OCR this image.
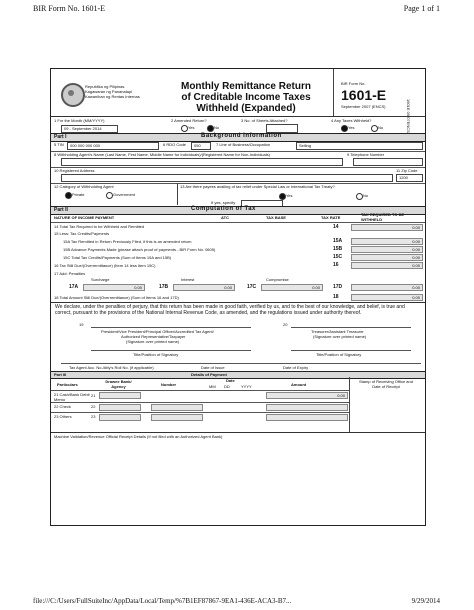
BIR Form No. 1601-E	Page 1 of 1
Republika ng Pilipinas
Kagawaran ng Pananalapi
Kawanihan ng Rentas Internas
Monthly Remittance Return
of Creditable Income Taxes
Withheld (Expanded)
BIR Form No.
1601-E
September 2007 (ENCS)	1601E 09/07ENCS
1 For the Month (MM/YYYY)
09 - September 2014
2 Amended Return?
Yes	No
3 No. of Sheets Attached?	4 Any Taxes Withheld?
Yes	No
Part I	Background Information
5 TIN 000 000 000 000	6 RDO Code 050	7 Line of Business/Occupation	Selling
8 Withholding Agent's Name (Last Name, First Name, Middle Name for Individuals)/(Registered Name for Non-Individuals)	9 Telephone Number
10 Registered Address	11 Zip Code
1200
12 Category of Withholding Agent
Private	Government
13 Are there payees availing of tax relief under Special Law or International Tax Treaty?
Yes	No
If yes, specify
Part II	Computation of Tax
NATURE OF INCOME PAYMENT	ATC	TAX BASE	TAX RATE
TAX REQUIRED TO BE WITHHELD
14 Total Tax Required to be Withheld and Remitted	14	0.00
15 Less: Tax Credits/Payments
15A Tax Remitted in Return Previously Filed, if this is an amended return	15A	0.00
15B Advance Payments Made (please attach proof of payments - BIR Form No. 0605)	15B	0.00
15C Total Tax Credits/Payments (Sum of Items 15A and 15B)	15C	0.00
16 Tax Still Due/(Overremittance) (Item 14 less Item 15C)	16	0.00
17 Add: Penalties
Surcharge	Interest	Compromise
17A	0.00	17B	0.00	17C	0.00	17D	0.00
18 Total Amount Still Due/(Overremittance) (Sum of Items 16 and 17D)	18	0.00
We declare, under the penalties of perjury, that this return has been made in good faith, verified by us, and to the best of our knowledge, and belief, is true and correct, pursuant to the provisions of the National Internal Revenue Code, as amended, and the regulations issued under authority thereof.
19	20
President/Vice President/Principal Officer/Accredited Tax Agent/
Authorized Representative/Taxpayer
(Signature over printed name)
Treasurer/Assistant Treasurer
(Signature over printed name)
Title/Position of Signatory	Title/Position of Signatory
Tax Agent Acc. No./Atty's Roll No. (if applicable)	Date of Issue	Date of Expiry
Part III	Details of Payment
Particulars
Drawee Bank/ Agency	Number
Date
MM DD	YYYY	Amount
Stamp of Receiving Office and Date of Receipt
21 Cash/Bank Debit Memo
21	0.00
22 Check	22
23 Others	23
Machine Validation/Revenue Official Receipt Details (If not filed with an Authorized Agent Bank)
file:///C:/Users/FullSuiteInc/AppData/Local/Temp/%7B1EF87867-9EA1-436E-ACA3-B7...	9/29/2014
